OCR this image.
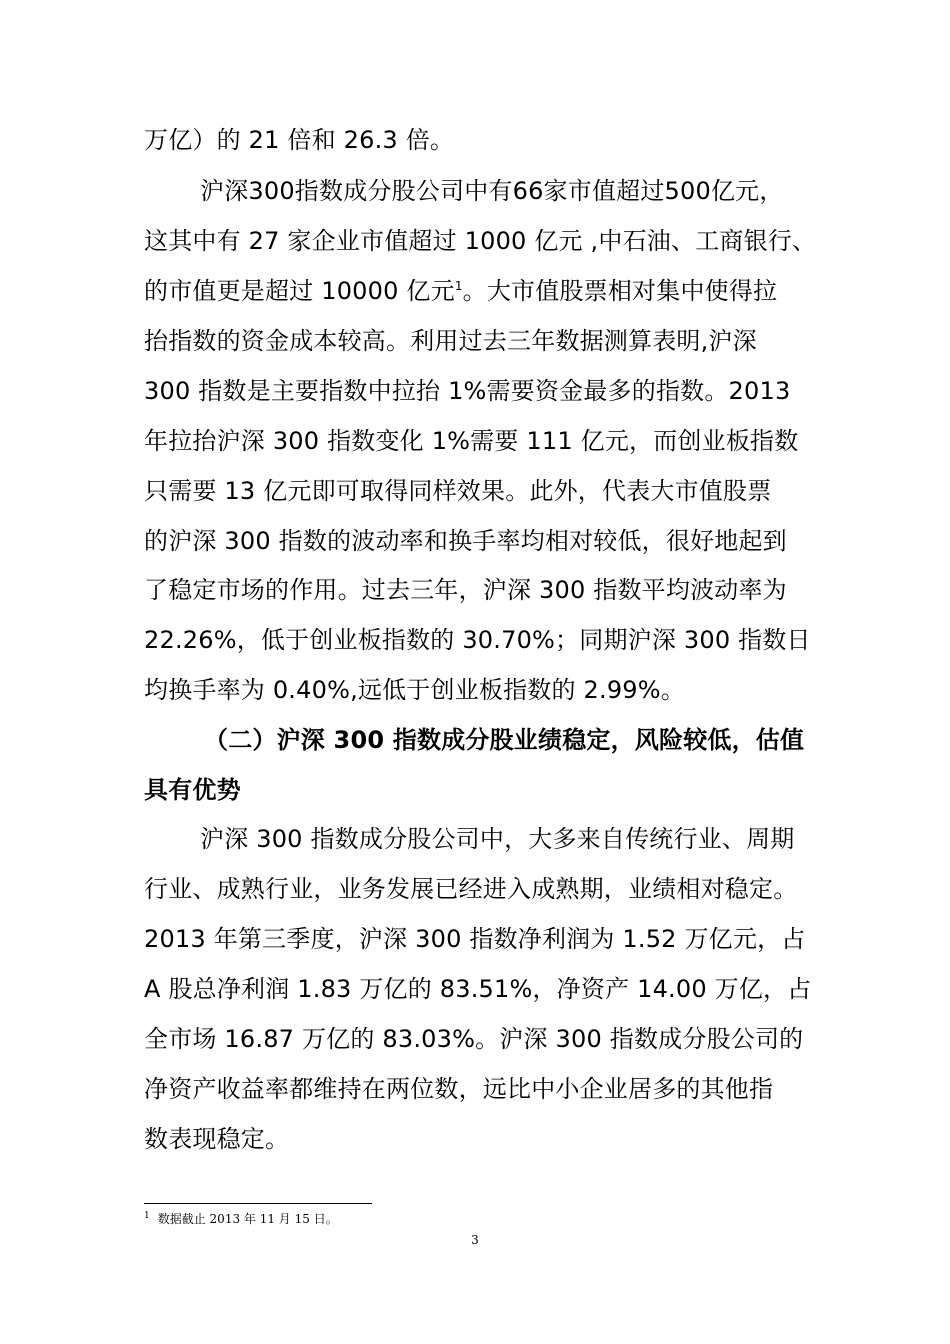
万亿）的 21 倍和 26.3 倍。
沪深300指数成分股公司中有66家市值超过500亿元，
这其中有 27 家企业市值超过 1000 亿元 ,中石油、工商银行、
的市值更是超过 10000 亿元$^1$。大市值股票相对集中使得拉
抬指数的资金成本较高。利用过去三年数据测算表明,沪深
300 指数是主要指数中拉抬 1%需要资金最多的指数。2013
年拉抬沪深 300 指数变化 1%需要 111 亿元，而创业板指数
只需要 13 亿元即可取得同样效果。此外，代表大市值股票
的沪深 300 指数的波动率和换手率均相对较低，很好地起到
了稳定市场的作用。过去三年，沪深 300 指数平均波动率为
22.26%，低于创业板指数的 30.70%；同期沪深 300 指数日
均换手率为 0.40%,远低于创业板指数的 2.99%。
（二）沪深 300 指数成分股业绩稳定，风险较低，估值
具有优势
沪深 300 指数成分股公司中，大多来自传统行业、周期
行业、成熟行业，业务发展已经进入成熟期，业绩相对稳定。
2013 年第三季度，沪深 300 指数净利润为 1.52 万亿元，占
A 股总净利润 1.83 万亿的 83.51%，净资产 14.00 万亿，占
全市场 16.87 万亿的 83.03%。沪深 300 指数成分股公司的
净资产收益率都维持在两位数，远比中小企业居多的其他指
数表现稳定。
$^1$ 数据截止 2013 年 11 月 15 日。
3
